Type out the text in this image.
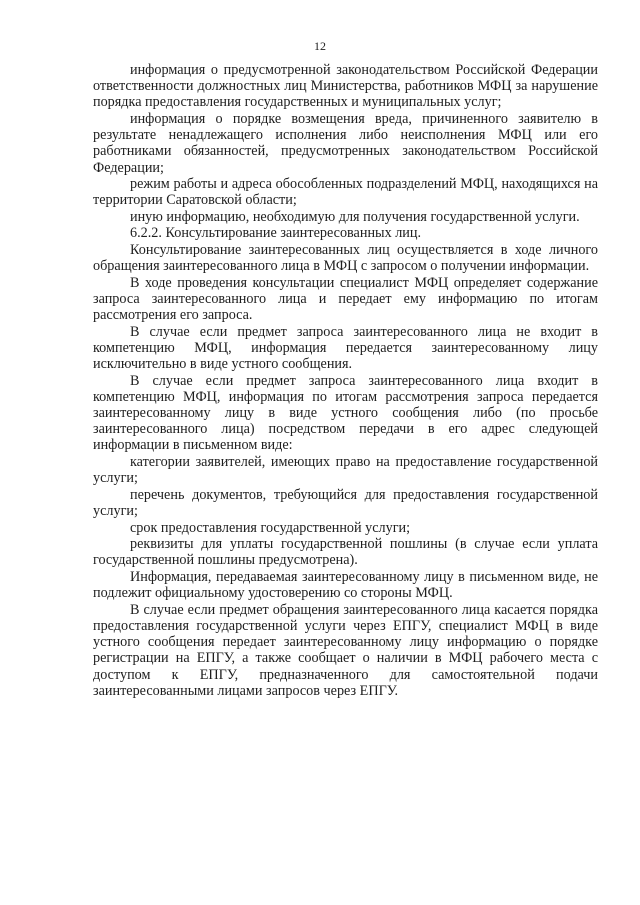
12

информация о предусмотренной законодательством Российской Федерации ответственности должностных лиц Министерства, работников МФЦ за нарушение порядка предоставления государственных и муниципальных услуг;

информация о порядке возмещения вреда, причиненного заявителю в результате ненадлежащего исполнения либо неисполнения МФЦ или его работниками обязанностей, предусмотренных законодательством Российской Федерации;

режим работы и адреса обособленных подразделений МФЦ, находящихся на территории Саратовской области;

иную информацию, необходимую для получения государственной услуги.

6.2.2. Консультирование заинтересованных лиц.

Консультирование заинтересованных лиц осуществляется в ходе личного обращения заинтересованного лица в МФЦ с запросом о получении информации.

В ходе проведения консультации специалист МФЦ определяет содержание запроса заинтересованного лица и передает ему информацию по итогам рассмотрения его запроса.

В случае если предмет запроса заинтересованного лица не входит в компетенцию МФЦ, информация передается заинтересованному лицу исключительно в виде устного сообщения.

В случае если предмет запроса заинтересованного лица входит в компетенцию МФЦ, информация по итогам рассмотрения запроса передается заинтересованному лицу в виде устного сообщения либо (по просьбе заинтересованного лица) посредством передачи в его адрес следующей информации в письменном виде:

категории заявителей, имеющих право на предоставление государственной услуги;

перечень документов, требующийся для предоставления государственной услуги;

срок предоставления государственной услуги;

реквизиты для уплаты государственной пошлины (в случае если уплата государственной пошлины предусмотрена).

Информация, передаваемая заинтересованному лицу в письменном виде, не подлежит официальному удостоверению со стороны МФЦ.

В случае если предмет обращения заинтересованного лица касается порядка предоставления государственной услуги через ЕПГУ, специалист МФЦ в виде устного сообщения передает заинтересованному лицу информацию о порядке регистрации на ЕПГУ, а также сообщает о наличии в МФЦ рабочего места с доступом к ЕПГУ, предназначенного для самостоятельной подачи заинтересованными лицами запросов через ЕПГУ.
